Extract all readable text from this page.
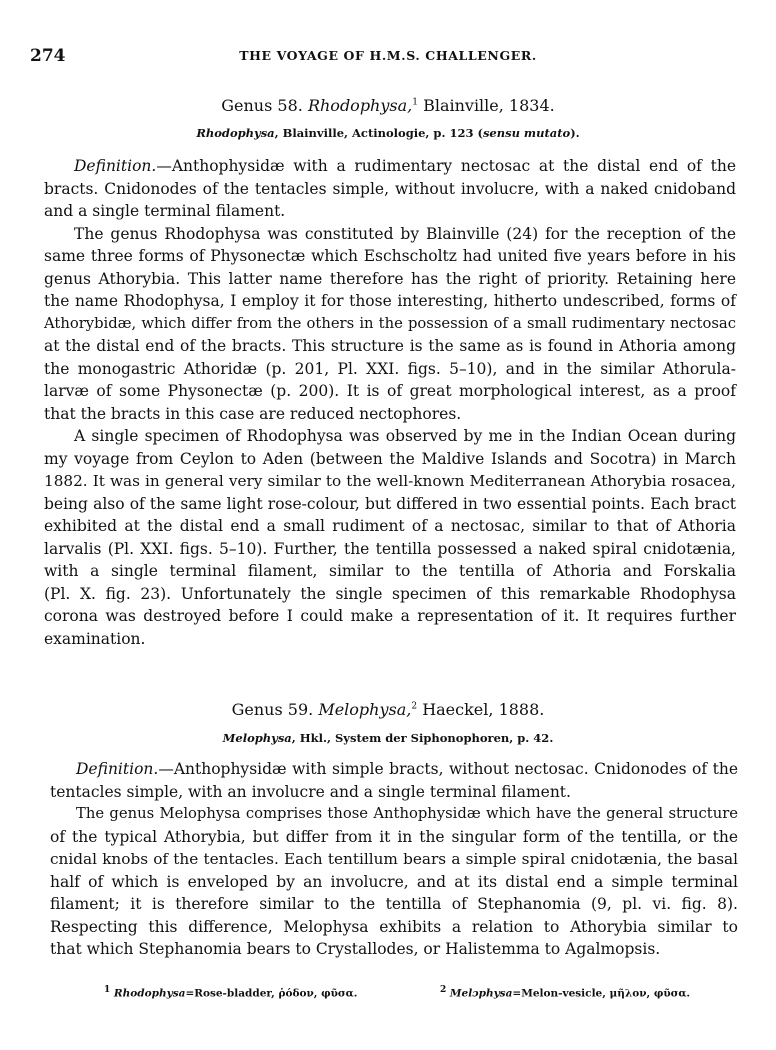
274	THE VOYAGE OF H.M.S. CHALLENGER.
Genus 58. Rhodophysa,$^1$ Blainville, 1834.
Rhodophysa, Blainville, Actinologie, p. 123 (sensu mutato).
Definition.—Anthophysidæ with a rudimentary nectosac at the distal end of the
bracts. Cnidonodes of the tentacles simple, without involucre, with a naked cnidoband
and a single terminal filament.
The genus Rhodophysa was constituted by Blainville (24) for the reception of the
same three forms of Physonectæ which Eschscholtz had united five years before in his
genus Athorybia. This latter name therefore has the right of priority. Retaining here
the name Rhodophysa, I employ it for those interesting, hitherto undescribed, forms of
Athorybidæ, which differ from the others in the possession of a small rudimentary nectosac
at the distal end of the bracts. This structure is the same as is found in Athoria among
the monogastric Athoridæ (p. 201, Pl. XXI. figs. 5–10), and in the similar Athorula-
larvæ of some Physonectæ (p. 200). It is of great morphological interest, as a proof
that the bracts in this case are reduced nectophores.
A single specimen of Rhodophysa was observed by me in the Indian Ocean during
my voyage from Ceylon to Aden (between the Maldive Islands and Socotra) in March
1882. It was in general very similar to the well-known Mediterranean Athorybia rosacea,
being also of the same light rose-colour, but differed in two essential points. Each bract
exhibited at the distal end a small rudiment of a nectosac, similar to that of Athoria
larvalis (Pl. XXI. figs. 5–10). Further, the tentilla possessed a naked spiral cnidotænia,
with a single terminal filament, similar to the tentilla of Athoria and Forskalia
(Pl. X. fig. 23). Unfortunately the single specimen of this remarkable Rhodophysa
corona was destroyed before I could make a representation of it. It requires further
examination.
Genus 59. Melophysa,$^2$ Haeckel, 1888.
Melophysa, Hkl., System der Siphonophoren, p. 42.
Definition.—Anthophysidæ with simple bracts, without nectosac. Cnidonodes of the
tentacles simple, with an involucre and a single terminal filament.
The genus Melophysa comprises those Anthophysidæ which have the general structure
of the typical Athorybia, but differ from it in the singular form of the tentilla, or the
cnidal knobs of the tentacles. Each tentillum bears a simple spiral cnidotænia, the basal
half of which is enveloped by an involucre, and at its distal end a simple terminal
filament; it is therefore similar to the tentilla of Stephanomia (9, pl. vi. fig. 8).
Respecting this difference, Melophysa exhibits a relation to Athorybia similar to
that which Stephanomia bears to Crystallodes, or Halistemma to Agalmopsis.
$^1$ Rhodophysa=Rose-bladder, ῥόδον, φῦσα.	$^2$ Melɔphysa=Melon-vesicle, μῆλον, φῦσα.
